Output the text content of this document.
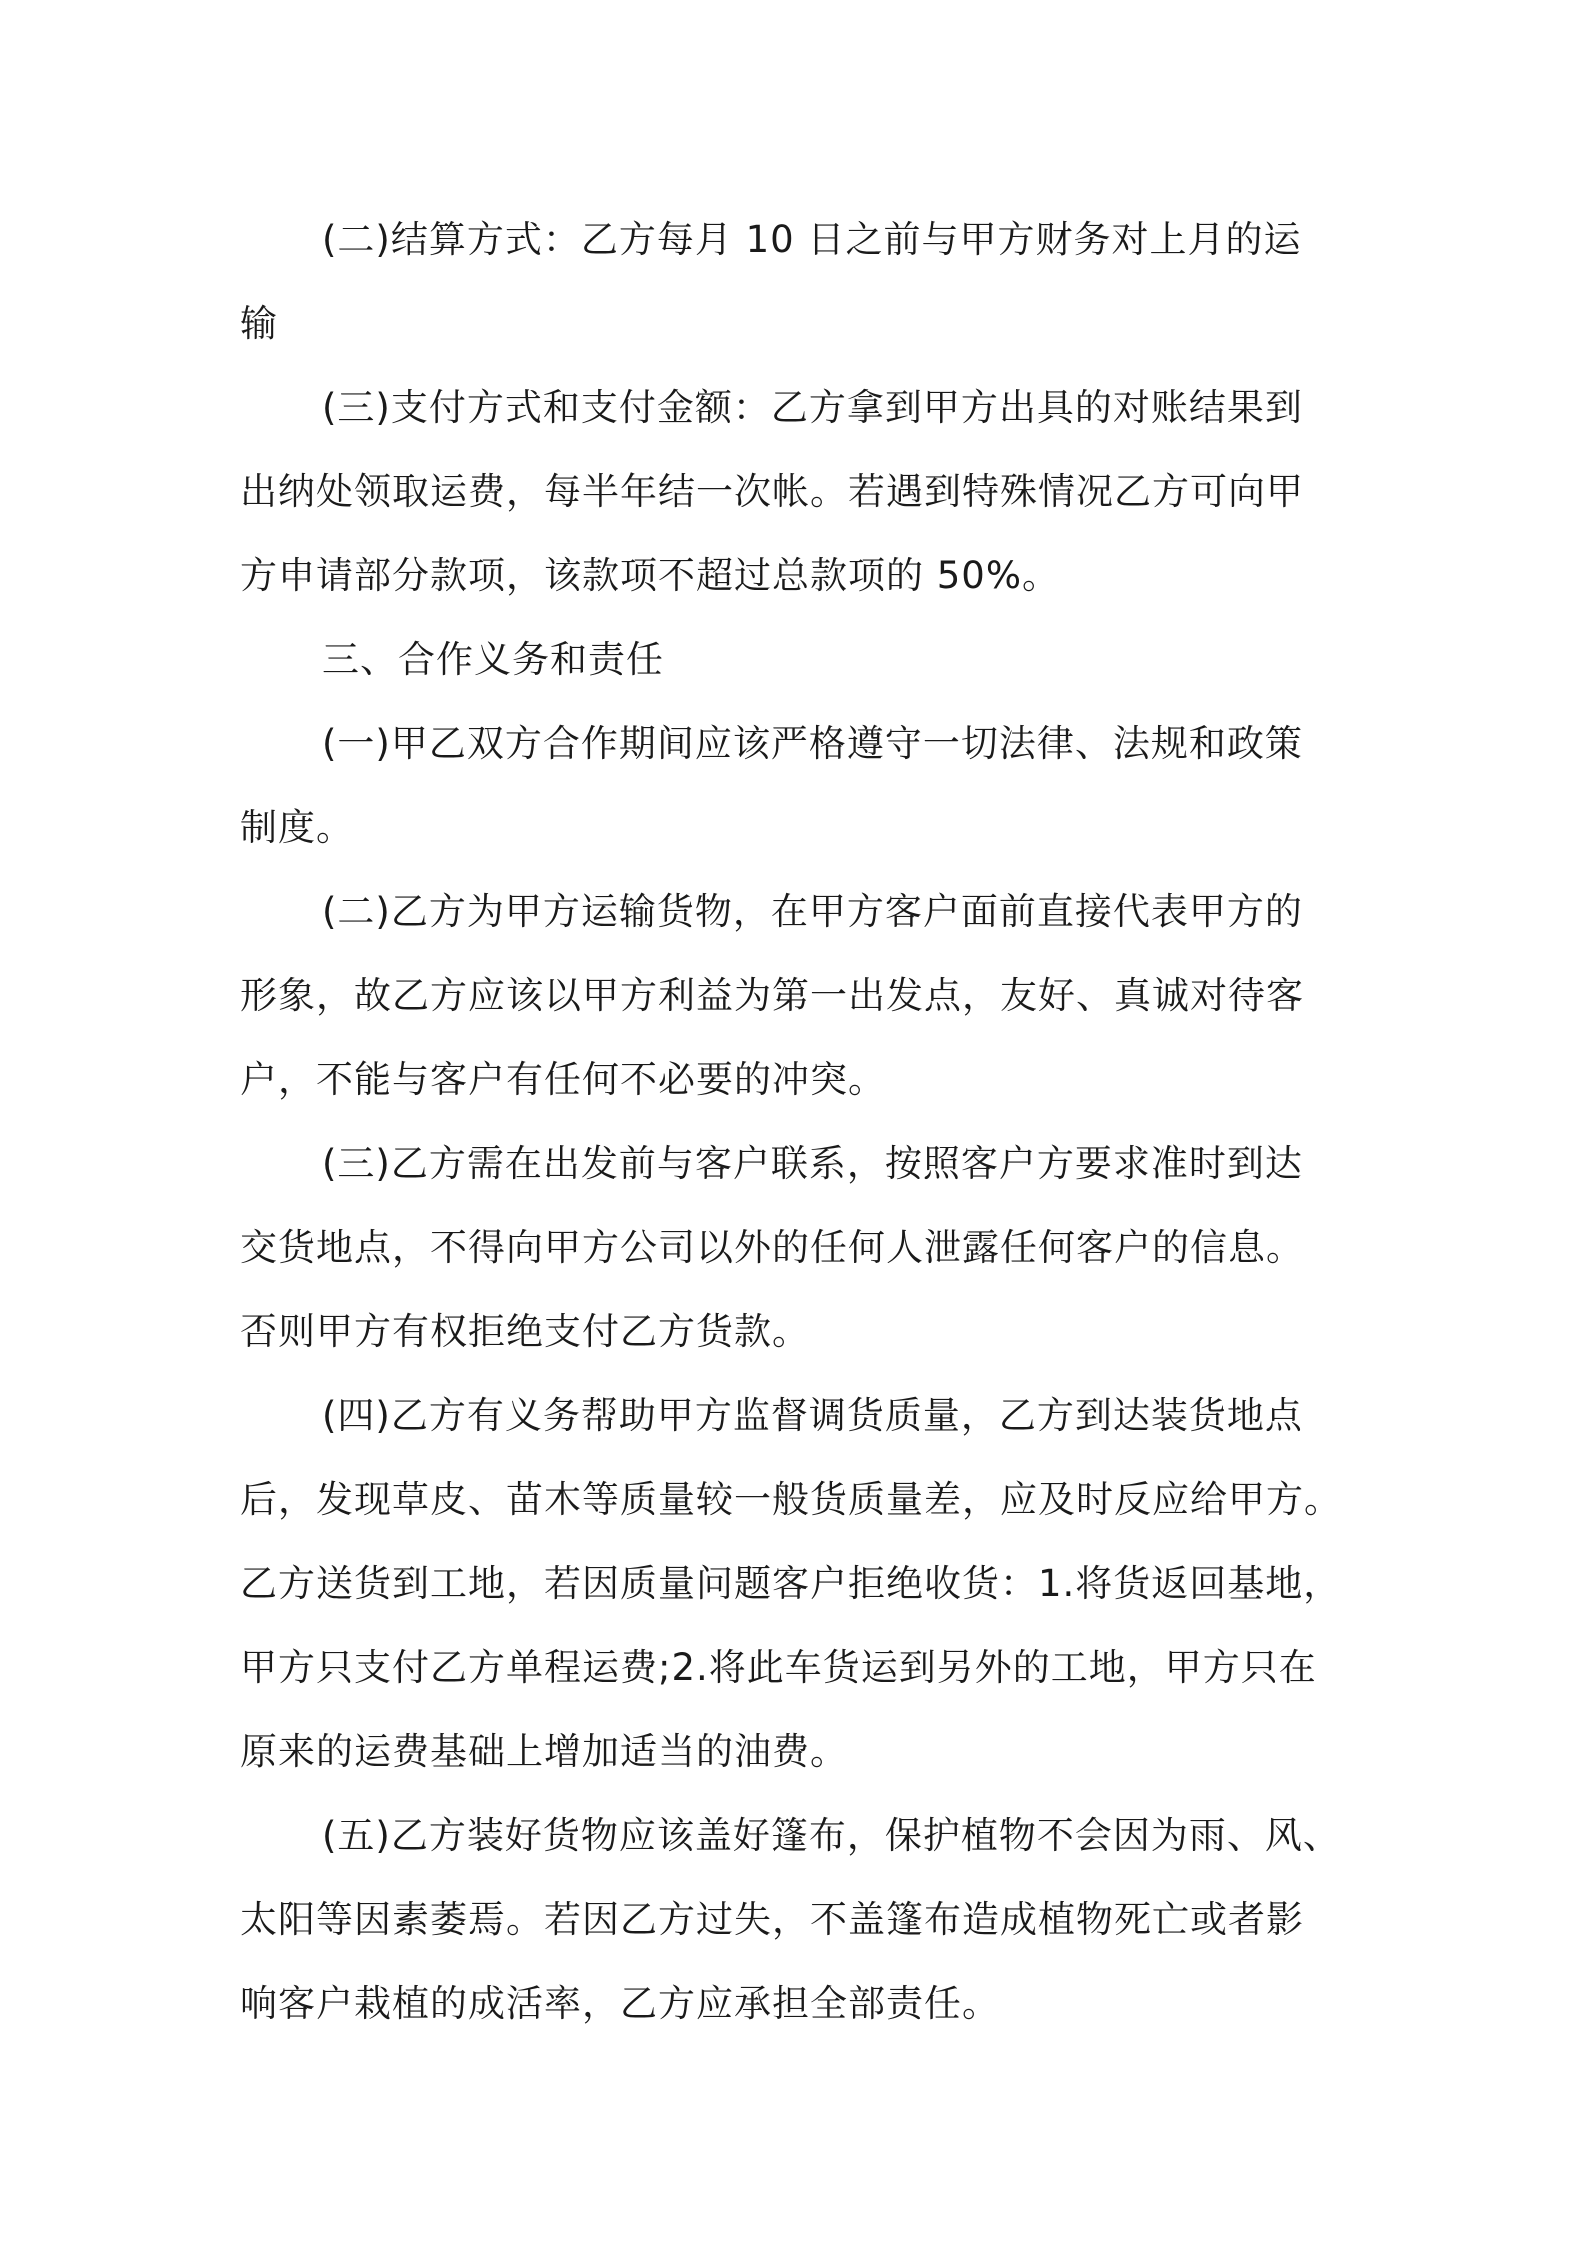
(二)结算方式：乙方每月 10 日之前与甲方财务对上月的运
输
(三)支付方式和支付金额：乙方拿到甲方出具的对账结果到
出纳处领取运费，每半年结一次帐。若遇到特殊情况乙方可向甲
方申请部分款项，该款项不超过总款项的 50%。
三、合作义务和责任
(一)甲乙双方合作期间应该严格遵守一切法律、法规和政策
制度。
(二)乙方为甲方运输货物，在甲方客户面前直接代表甲方的
形象，故乙方应该以甲方利益为第一出发点，友好、真诚对待客
户，不能与客户有任何不必要的冲突。
(三)乙方需在出发前与客户联系，按照客户方要求准时到达
交货地点，不得向甲方公司以外的任何人泄露任何客户的信息。
否则甲方有权拒绝支付乙方货款。
(四)乙方有义务帮助甲方监督调货质量，乙方到达装货地点
后，发现草皮、苗木等质量较一般货质量差，应及时反应给甲方。
乙方送货到工地，若因质量问题客户拒绝收货：1.将货返回基地，
甲方只支付乙方单程运费;2.将此车货运到另外的工地，甲方只在
原来的运费基础上增加适当的油费。
(五)乙方装好货物应该盖好篷布，保护植物不会因为雨、风、
太阳等因素萎焉。若因乙方过失，不盖篷布造成植物死亡或者影
响客户栽植的成活率，乙方应承担全部责任。
